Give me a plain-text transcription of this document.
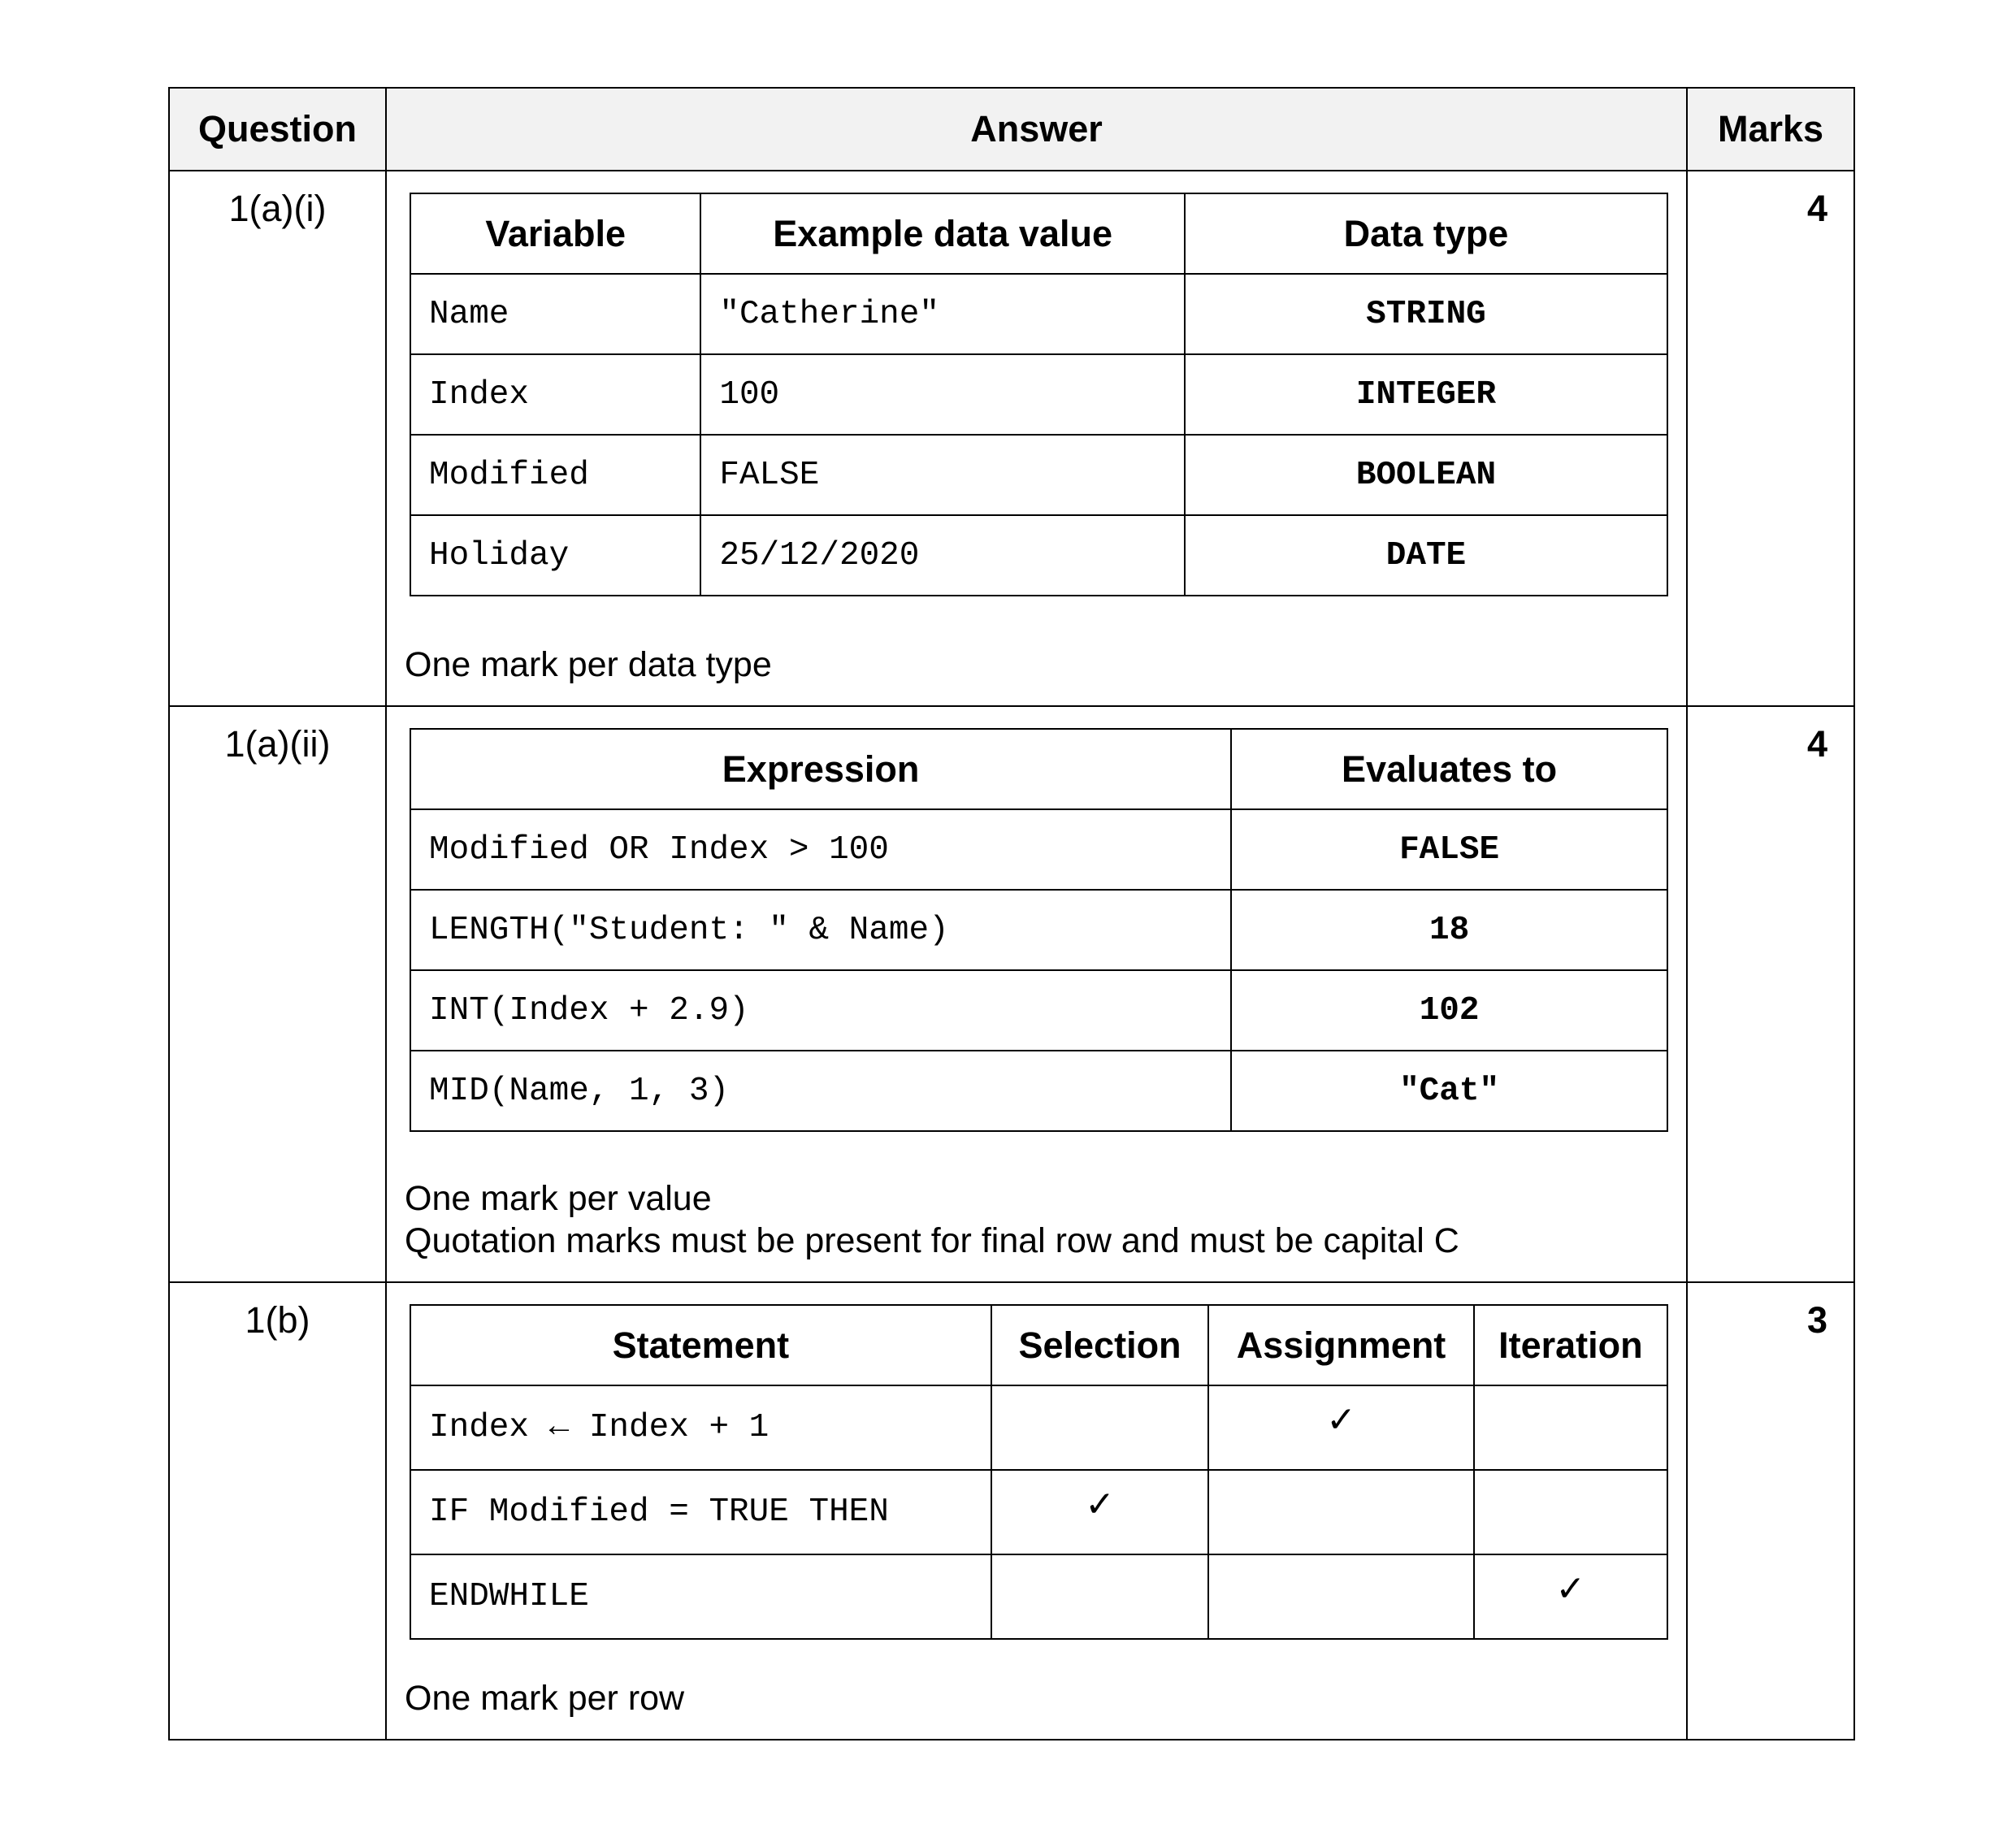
Question	Answer	Marks
1(a)(i)	
Variable	Example data value	Data type
Name	"Catherine"	STRING
Index	100	INTEGER
Modified	FALSE	BOOLEAN
Holiday	25/12/2020	DATE
One mark per data type
	4
1(a)(ii)	
Expression	Evaluates to
Modified OR Index > 100	FALSE
LENGTH("Student: " & Name)	18
INT(Index + 2.9)	102
MID(Name, 1, 3)	"Cat"
One mark per value
Quotation marks must be present for final row and must be capital C
	4
1(b)	
Statement	Selection	Assignment	Iteration
Index ← Index + 1		✓	
IF Modified = TRUE THEN	✓		
ENDWHILE			✓
One mark per row
	3
